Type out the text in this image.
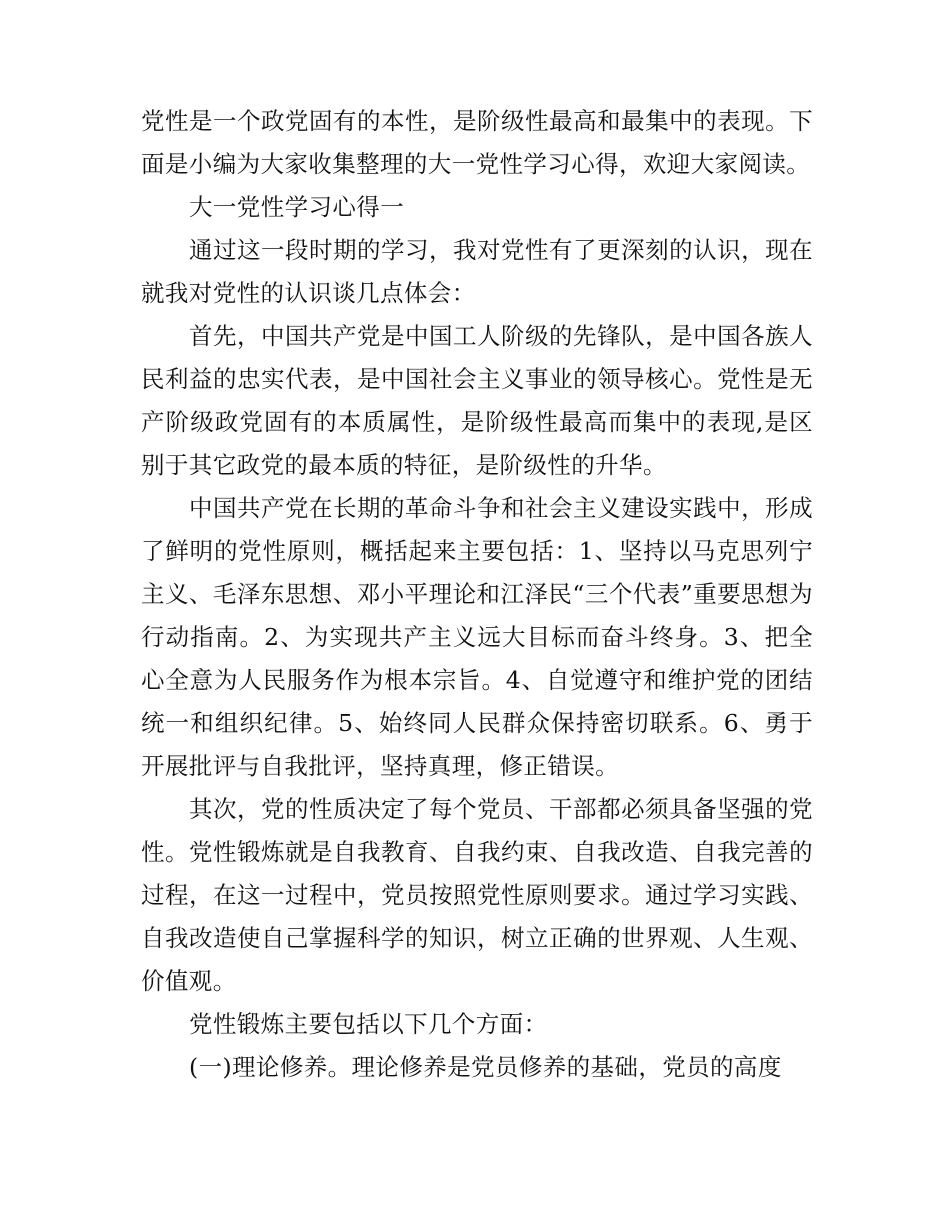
党性是一个政党固有的本性，是阶级性最高和最集中的表现。下面是小编为大家收集整理的大一党性学习心得，欢迎大家阅读。

大一党性学习心得一

通过这一段时期的学习，我对党性有了更深刻的认识，现在就我对党性的认识谈几点体会：

首先，中国共产党是中国工人阶级的先锋队，是中国各族人民利益的忠实代表，是中国社会主义事业的领导核心。党性是无产阶级政党固有的本质属性，是阶级性最高而集中的表现,是区别于其它政党的最本质的特征，是阶级性的升华。

中国共产党在长期的革命斗争和社会主义建设实践中，形成了鲜明的党性原则，概括起来主要包括：1、坚持以马克思列宁主义、毛泽东思想、邓小平理论和江泽民“三个代表”重要思想为行动指南。2、为实现共产主义远大目标而奋斗终身。3、把全心全意为人民服务作为根本宗旨。4、自觉遵守和维护党的团结统一和组织纪律。5、始终同人民群众保持密切联系。6、勇于开展批评与自我批评，坚持真理，修正错误。

其次，党的性质决定了每个党员、干部都必须具备坚强的党性。党性锻炼就是自我教育、自我约束、自我改造、自我完善的过程，在这一过程中，党员按照党性原则要求。通过学习实践、自我改造使自己掌握科学的知识，树立正确的世界观、人生观、价值观。

党性锻炼主要包括以下几个方面：

(一)理论修养。理论修养是党员修养的基础，党员的高度
